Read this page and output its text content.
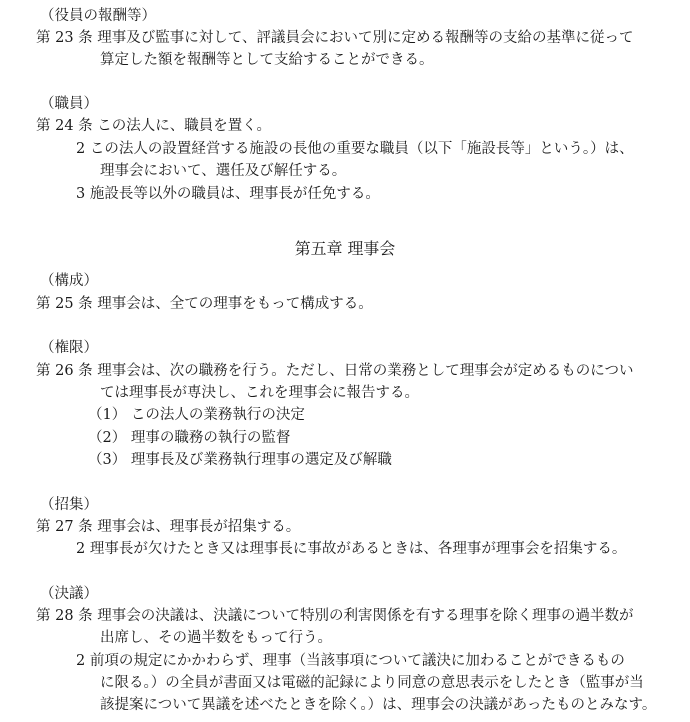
（役員の報酬等）
第 23 条 理事及び監事に対して、評議員会において別に定める報酬等の支給の基準に従って
算定した額を報酬等として支給することができる。
（職員）
第 24 条 この法人に、職員を置く。
2 この法人の設置経営する施設の長他の重要な職員（以下「施設長等」という。）は、
理事会において、選任及び解任する。
3 施設長等以外の職員は、理事長が任免する。
第五章 理事会
（構成）
第 25 条 理事会は、全ての理事をもって構成する。
（権限）
第 26 条 理事会は、次の職務を行う。ただし、日常の業務として理事会が定めるものについ
ては理事長が専決し、これを理事会に報告する。
（1） この法人の業務執行の決定
（2） 理事の職務の執行の監督
（3） 理事長及び業務執行理事の選定及び解職
（招集）
第 27 条 理事会は、理事長が招集する。
2 理事長が欠けたとき又は理事長に事故があるときは、各理事が理事会を招集する。
（決議）
第 28 条 理事会の決議は、決議について特別の利害関係を有する理事を除く理事の過半数が
出席し、その過半数をもって行う。
2 前項の規定にかかわらず、理事（当該事項について議決に加わることができるもの
に限る。）の全員が書面又は電磁的記録により同意の意思表示をしたとき（監事が当
該提案について異議を述べたときを除く。）は、理事会の決議があったものとみなす。
